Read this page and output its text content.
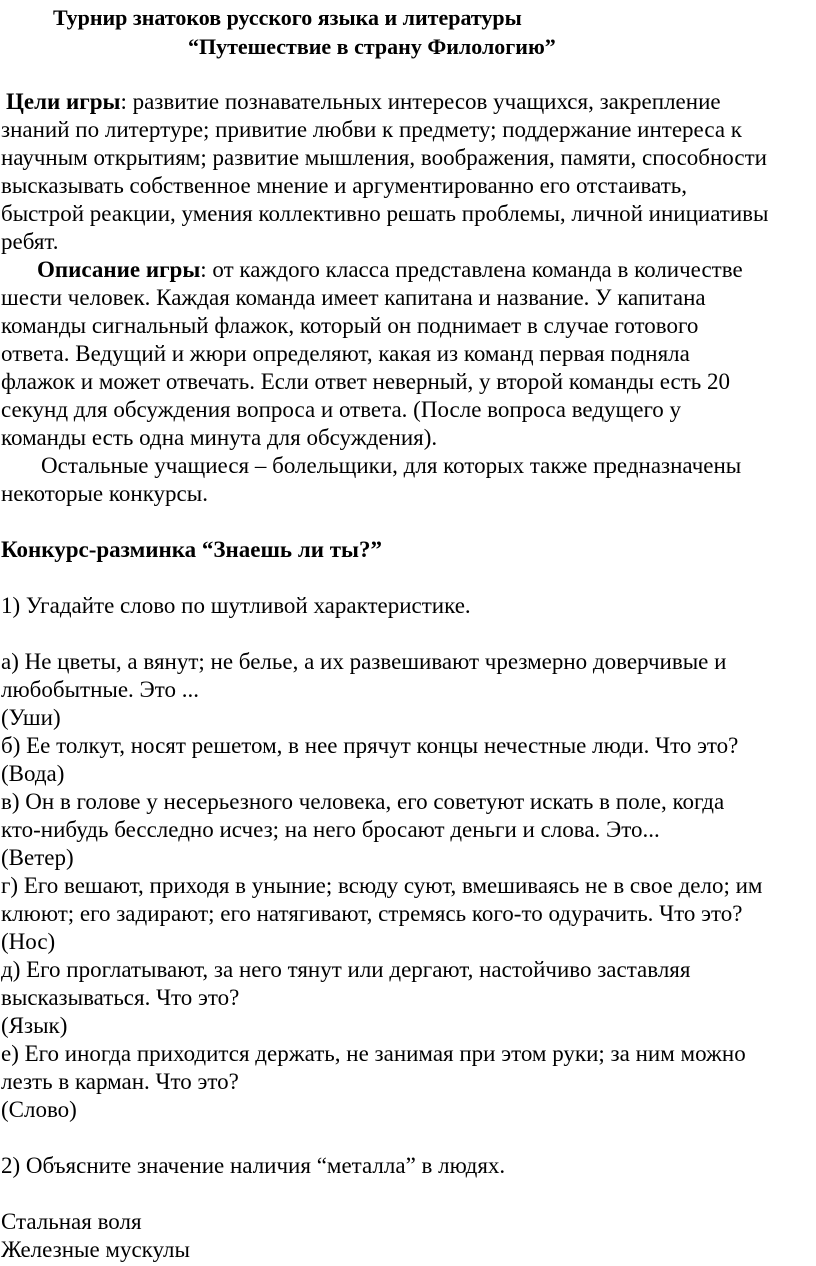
Турнир знатоков русского языка и литературы
“Путешествие в страну Филологию”
Цели игры: развитие познавательных интересов учащихся, закрепление
знаний по литертуре; привитие любви к предмету; поддержание интереса к
научным открытиям; развитие мышления, воображения, памяти, способности
высказывать собственное мнение и аргументированно его отстаивать,
быстрой реакции, умения коллективно решать проблемы, личной инициативы
ребят.
Описание игры: от каждого класса представлена команда в количестве
шести человек. Каждая команда имеет капитана и название. У капитана
команды сигнальный флажок, который он поднимает в случае готового
ответа. Ведущий и жюри определяют, какая из команд первая подняла
флажок и может отвечать. Если ответ неверный, у второй команды есть 20
секунд для обсуждения вопроса и ответа. (После вопроса ведущего у
команды есть одна минута для обсуждения).
Остальные учащиеся – болельщики, для которых также предназначены
некоторые конкурсы.
Конкурс-разминка “Знаешь ли ты?”
1) Угадайте слово по шутливой характеристике.
а) Не цветы, а вянут; не белье, а их развешивают чрезмерно доверчивые и
любобытные. Это ...
(Уши)
б) Ее толкут, носят решетом, в нее прячут концы нечестные люди. Что это?
(Вода)
в) Он в голове у несерьезного человека, его советуют искать в поле, когда
кто-нибудь бесследно исчез; на него бросают деньги и слова. Это...
(Ветер)
г) Его вешают, приходя в уныние; всюду суют, вмешиваясь не в свое дело; им
клюют; его задирают; его натягивают, стремясь кого-то одурачить. Что это?
(Нос)
д) Его проглатывают, за него тянут или дергают, настойчиво заставляя
высказываться. Что это?
(Язык)
е) Его иногда приходится держать, не занимая при этом руки; за ним можно
лезть в карман. Что это?
(Слово)
2) Объясните значение наличия “металла” в людях.
Стальная воля
Железные мускулы
